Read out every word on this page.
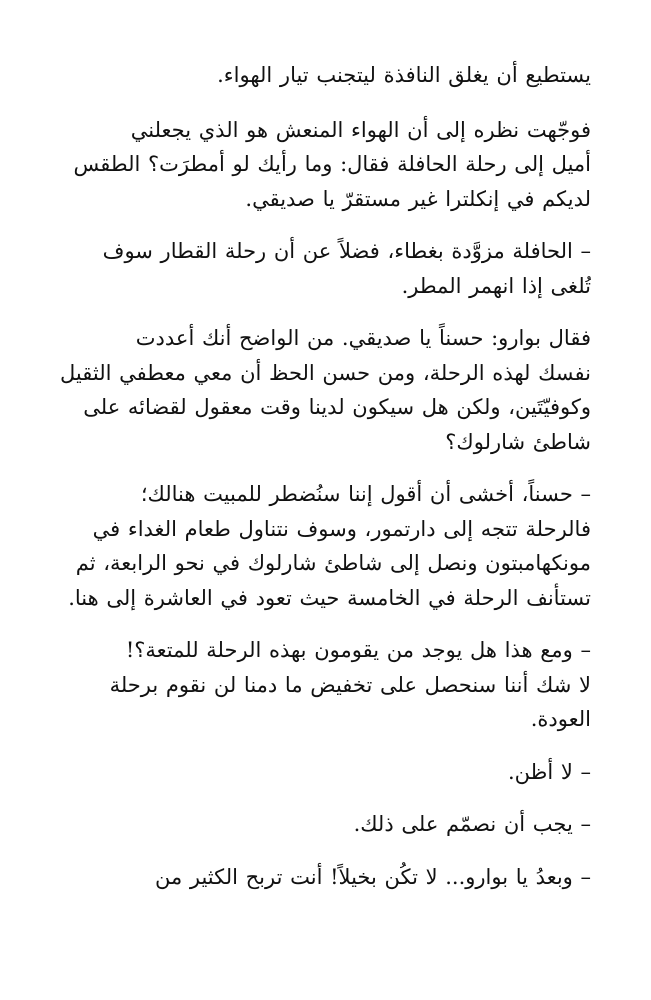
يستطيع أن يغلق النافذة ليتجنب تيار الهواء.

فوجّهت نظره إلى أن الهواء المنعش هو الذي يجعلني
أميل إلى رحلة الحافلة فقال: وما رأيك لو أمطرَت؟ الطقس
لديكم في إنكلترا غير مستقرّ يا صديقي.

– الحافلة مزوَّدة بغطاء، فضلاً عن أن رحلة القطار سوف
تُلغى إذا انهمر المطر.

فقال بوارو: حسناً يا صديقي. من الواضح أنك أعددت
نفسك لهذه الرحلة، ومن حسن الحظ أن معي معطفي الثقيل
وكوفيّتَين، ولكن هل سيكون لدينا وقت معقول لقضائه على
شاطئ شارلوك؟

– حسناً، أخشى أن أقول إننا سنُضطر للمبيت هنالك؛
فالرحلة تتجه إلى دارتمور، وسوف نتناول طعام الغداء في
مونكهامبتون ونصل إلى شاطئ شارلوك في نحو الرابعة، ثم
تستأنف الرحلة في الخامسة حيث تعود في العاشرة إلى هنا.

– ومع هذا هل يوجد من يقومون بهذه الرحلة للمتعة؟!
لا شك أننا سنحصل على تخفيض ما دمنا لن نقوم برحلة
العودة.

– لا أظن.

– يجب أن نصمّم على ذلك.

– وبعدُ يا بوارو... لا تكُن بخيلاً! أنت تربح الكثير من
